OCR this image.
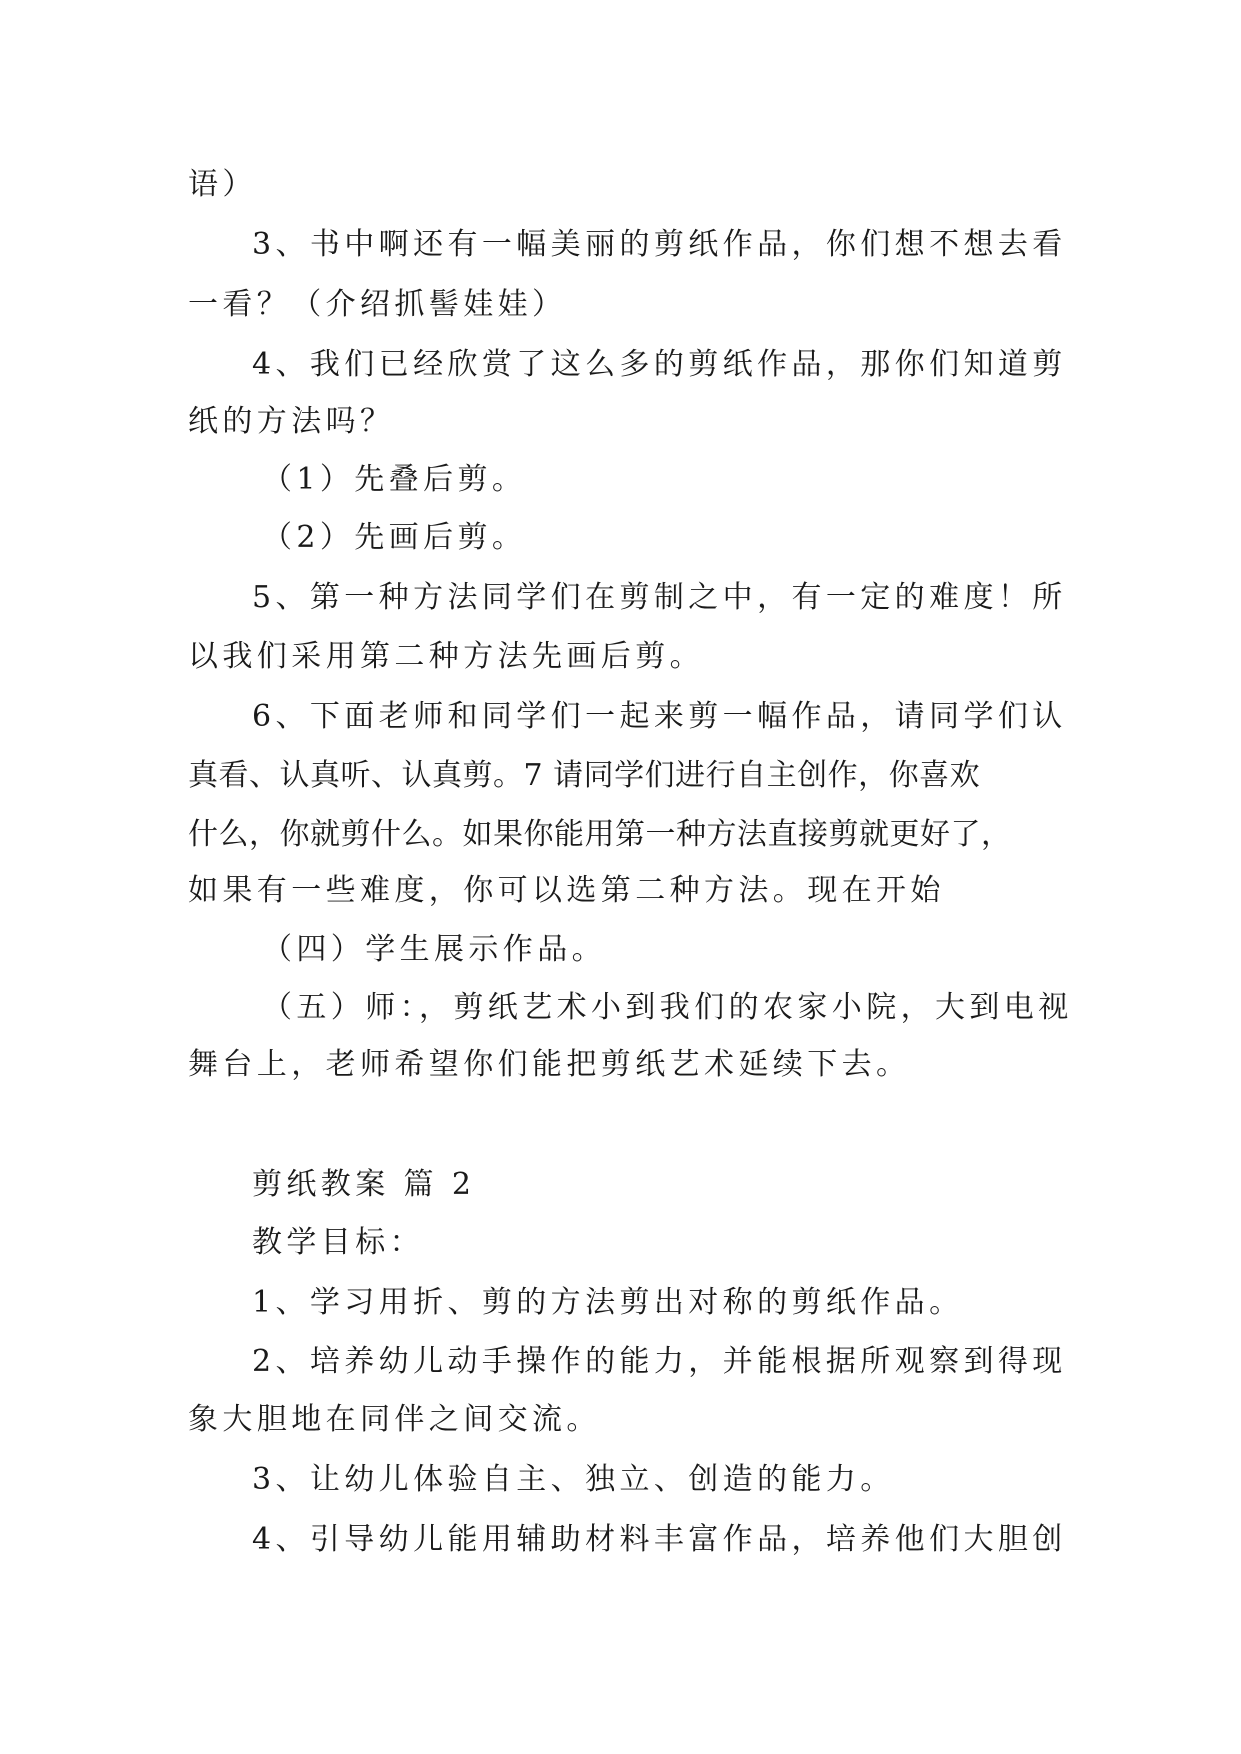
语）
3、书中啊还有一幅美丽的剪纸作品，你们想不想去看
一看？（介绍抓髻娃娃）
4、我们已经欣赏了这么多的剪纸作品，那你们知道剪
纸的方法吗？
（1）先叠后剪。
（2）先画后剪。
5、第一种方法同学们在剪制之中，有一定的难度！所
以我们采用第二种方法先画后剪。
6、下面老师和同学们一起来剪一幅作品，请同学们认
真看、认真听、认真剪。7 请同学们进行自主创作，你喜欢
什么，你就剪什么。如果你能用第一种方法直接剪就更好了，
如果有一些难度，你可以选第二种方法。现在开始
（四）学生展示作品。
（五）师：，剪纸艺术小到我们的农家小院，大到电视
舞台上，老师希望你们能把剪纸艺术延续下去。
剪纸教案 篇 2
教学目标：
1、学习用折、剪的方法剪出对称的剪纸作品。
2、培养幼儿动手操作的能力，并能根据所观察到得现
象大胆地在同伴之间交流。
3、让幼儿体验自主、独立、创造的能力。
4、引导幼儿能用辅助材料丰富作品，培养他们大胆创
